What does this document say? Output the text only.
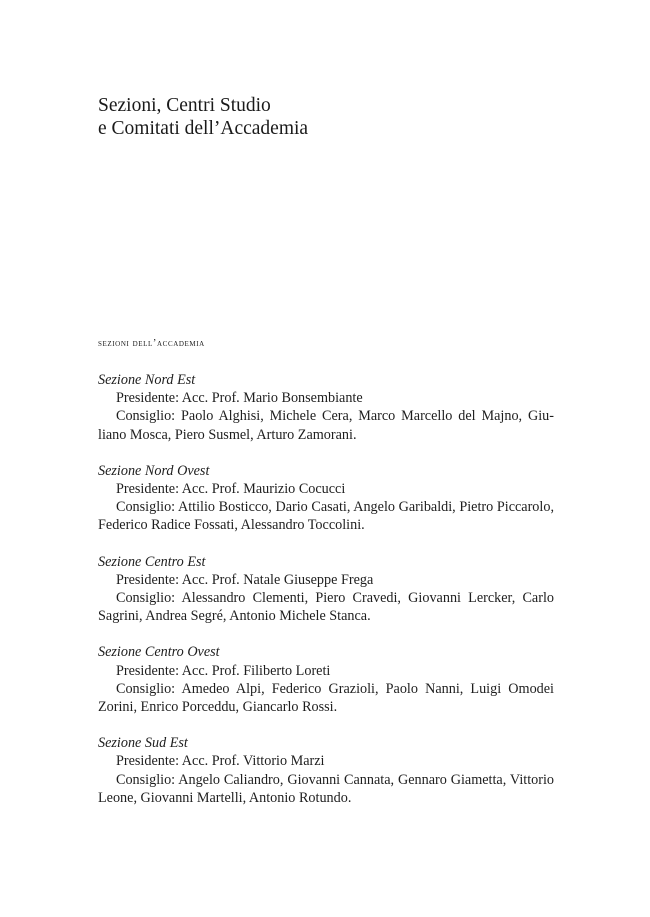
Sezioni, Centri Studio
e Comitati dell’Accademia
sezioni dell’accademia
Sezione Nord Est
Presidente: Acc. Prof. Mario Bonsembiante
Consiglio: Paolo Alghisi, Michele Cera, Marco Marcello del Majno, Giuliano Mosca, Piero Susmel, Arturo Zamorani.
Sezione Nord Ovest
Presidente: Acc. Prof. Maurizio Cocucci
Consiglio: Attilio Bosticco, Dario Casati, Angelo Garibaldi, Pietro Piccarolo, Federico Radice Fossati, Alessandro Toccolini.
Sezione Centro Est
Presidente: Acc. Prof. Natale Giuseppe Frega
Consiglio: Alessandro Clementi, Piero Cravedi, Giovanni Lercker, Carlo Sagrini, Andrea Segré, Antonio Michele Stanca.
Sezione Centro Ovest
Presidente: Acc. Prof. Filiberto Loreti
Consiglio: Amedeo Alpi, Federico Grazioli, Paolo Nanni, Luigi Omodei Zorini, Enrico Porceddu, Giancarlo Rossi.
Sezione Sud Est
Presidente: Acc. Prof. Vittorio Marzi
Consiglio: Angelo Caliandro, Giovanni Cannata, Gennaro Giametta, Vittorio Leone, Giovanni Martelli, Antonio Rotundo.
